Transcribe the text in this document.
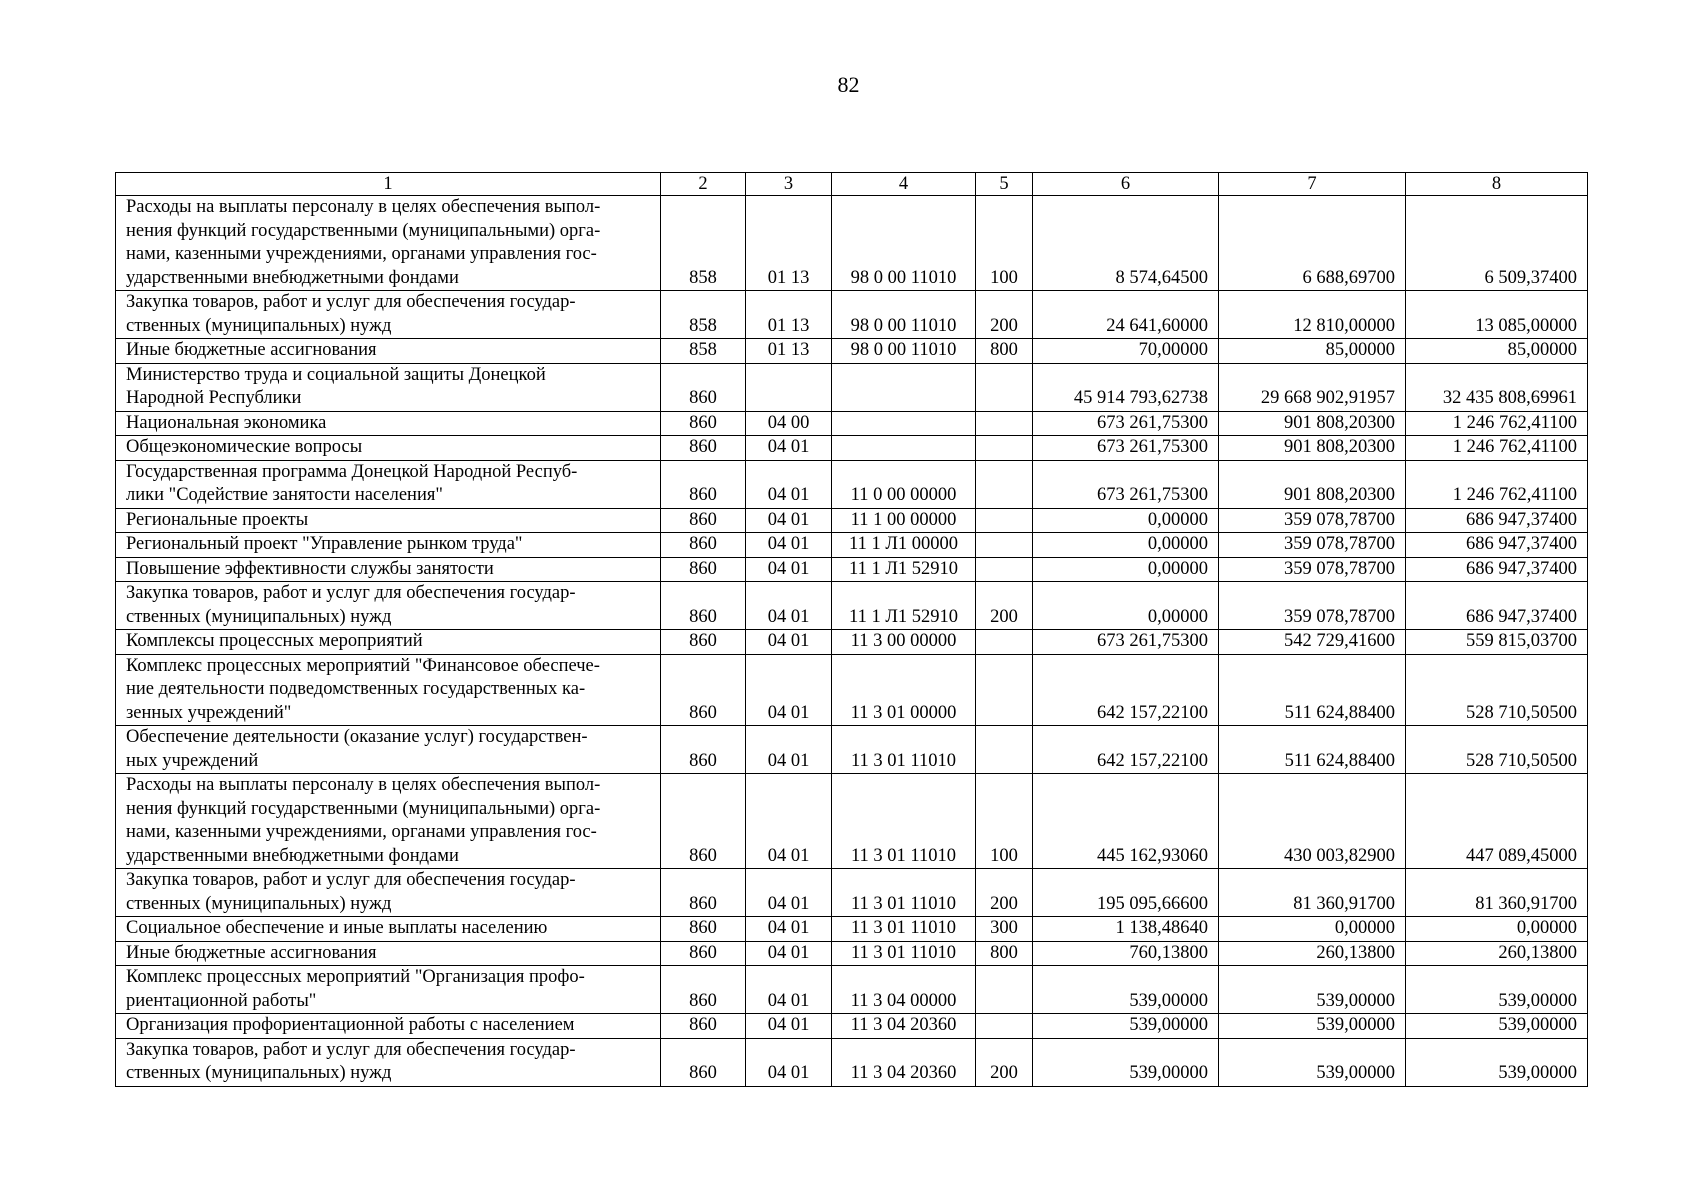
82
1	2	3	4	5	6	7	8

Расходы на выплаты персоналу в целях обеспечения выпол-
нения функций государственными (муниципальными) орга-
нами, казенными учреждениями, органами управления гос-
ударственными внебюджетными фондами	858	01 13	98 0 00 11010	100	8 574,64500	6 688,69700	6 509,37400

Закупка товаров, работ и услуг для обеспечения государ-
ственных (муниципальных) нужд	858	01 13	98 0 00 11010	200	24 641,60000	12 810,00000	13 085,00000

Иные бюджетные ассигнования	858	01 13	98 0 00 11010	800	70,00000	85,00000	85,00000

Министерство труда и социальной защиты Донецкой
Народной Республики	860				45 914 793,62738	29 668 902,91957	32 435 808,69961

Национальная экономика	860	04 00			673 261,75300	901 808,20300	1 246 762,41100

Общеэкономические вопросы	860	04 01			673 261,75300	901 808,20300	1 246 762,41100

Государственная программа Донецкой Народной Респуб-
лики "Содействие занятости населения"	860	04 01	11 0 00 00000		673 261,75300	901 808,20300	1 246 762,41100

Региональные проекты	860	04 01	11 1 00 00000		0,00000	359 078,78700	686 947,37400

Региональный проект "Управление рынком труда"	860	04 01	11 1 Л1 00000		0,00000	359 078,78700	686 947,37400

Повышение эффективности службы занятости	860	04 01	11 1 Л1 52910		0,00000	359 078,78700	686 947,37400

Закупка товаров, работ и услуг для обеспечения государ-
ственных (муниципальных) нужд	860	04 01	11 1 Л1 52910	200	0,00000	359 078,78700	686 947,37400

Комплексы процессных мероприятий	860	04 01	11 3 00 00000		673 261,75300	542 729,41600	559 815,03700

Комплекс процессных мероприятий "Финансовое обеспече-
ние деятельности подведомственных государственных ка-
зенных учреждений"	860	04 01	11 3 01 00000		642 157,22100	511 624,88400	528 710,50500

Обеспечение деятельности (оказание услуг) государствен-
ных учреждений	860	04 01	11 3 01 11010		642 157,22100	511 624,88400	528 710,50500

Расходы на выплаты персоналу в целях обеспечения выпол-
нения функций государственными (муниципальными) орга-
нами, казенными учреждениями, органами управления гос-
ударственными внебюджетными фондами	860	04 01	11 3 01 11010	100	445 162,93060	430 003,82900	447 089,45000

Закупка товаров, работ и услуг для обеспечения государ-
ственных (муниципальных) нужд	860	04 01	11 3 01 11010	200	195 095,66600	81 360,91700	81 360,91700

Социальное обеспечение и иные выплаты населению	860	04 01	11 3 01 11010	300	1 138,48640	0,00000	0,00000

Иные бюджетные ассигнования	860	04 01	11 3 01 11010	800	760,13800	260,13800	260,13800

Комплекс процессных мероприятий "Организация профо-
риентационной работы"	860	04 01	11 3 04 00000		539,00000	539,00000	539,00000

Организация профориентационной работы с населением	860	04 01	11 3 04 20360		539,00000	539,00000	539,00000

Закупка товаров, работ и услуг для обеспечения государ-
ственных (муниципальных) нужд	860	04 01	11 3 04 20360	200	539,00000	539,00000	539,00000
